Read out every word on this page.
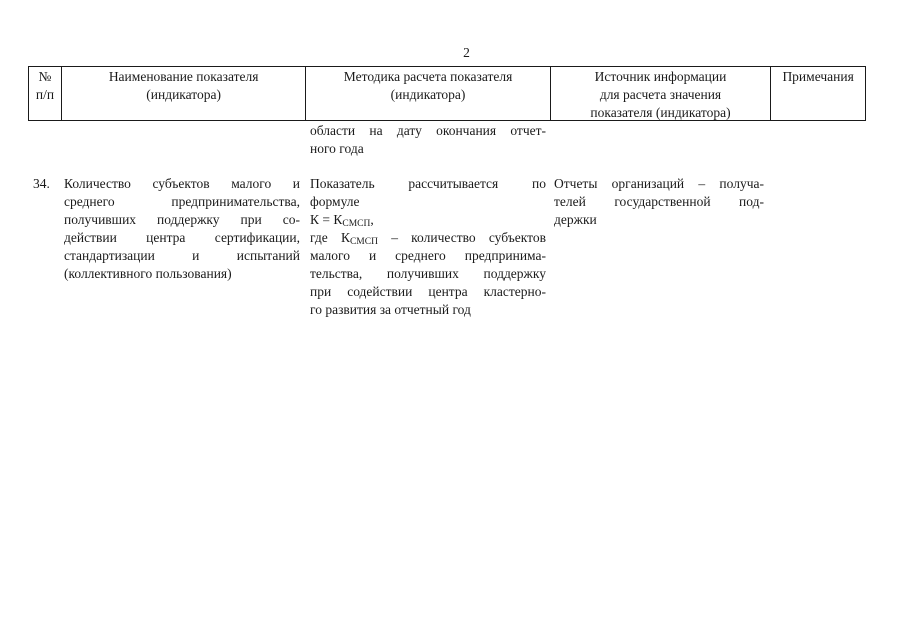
2
№
п/п
Наименование показателя
(индикатора)
Методика расчета показателя
(индикатора)
Источник информации
для расчета значения
показателя (индикатора)
Примечания
области на дату окончания отчет-
ного года
34.	Количество субъектов малого и
среднего предпринимательства,
получивших поддержку при со-
действии центра сертификации,
стандартизации и испытаний
(коллективного пользования)
Показатель рассчитывается по
формуле
$К = К_{СМСП}$,
где $К_{СМСП}$ – количество субъектов
малого и среднего предпринима-
тельства, получивших поддержку
при содействии центра кластерно-
го развития за отчетный год
Отчеты организаций – получа-
телей государственной под-
держки
